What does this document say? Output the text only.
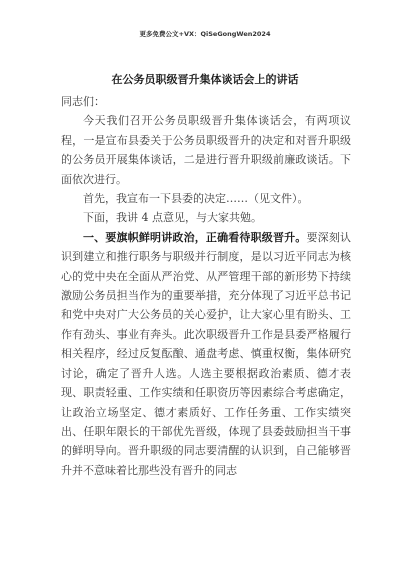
更多免费公文+VX：QiSeGongWen2024
在公务员职级晋升集体谈话会上的讲话

同志们：

今天我们召开公务员职级晋升集体谈话会，有两项议程，一是宣布县委关于公务员职级晋升的决定和对晋升职级的公务员开展集体谈话，二是进行晋升职级前廉政谈话。下面依次进行。

首先，我宣布一下县委的决定……（见文件）。

下面，我讲 4 点意见，与大家共勉。

一、要旗帜鲜明讲政治，正确看待职级晋升。要深刻认识到建立和推行职务与职级并行制度，是以习近平同志为核心的党中央在全面从严治党、从严管理干部的新形势下持续激励公务员担当作为的重要举措，充分体现了习近平总书记和党中央对广大公务员的关心爱护，让大家心里有盼头、工作有劲头、事业有奔头。此次职级晋升工作是县委严格履行相关程序，经过反复酝酿、通盘考虑、慎重权衡，集体研究讨论，确定了晋升人选。人选主要根据政治素质、德才表现、职责轻重、工作实绩和任职资历等因素综合考虑确定，让政治立场坚定、德才素质好、工作任务重、工作实绩突出、任职年限长的干部优先晋级，体现了县委鼓励担当干事的鲜明导向。晋升职级的同志要清醒的认识到，自己能够晋升并不意味着比那些没有晋升的同志
